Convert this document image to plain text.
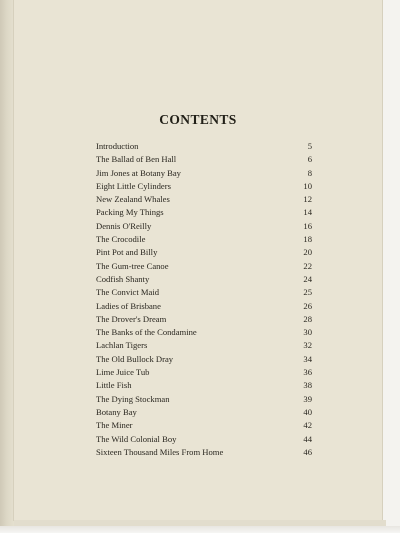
CONTENTS
Introduction	5
The Ballad of Ben Hall	6
Jim Jones at Botany Bay	8
Eight Little Cylinders	10
New Zealand Whales	12
Packing My Things	14
Dennis O'Reilly	16
The Crocodile	18
Pint Pot and Billy	20
The Gum-tree Canoe	22
Codfish Shanty	24
The Convict Maid	25
Ladies of Brisbane	26
The Drover's Dream	28
The Banks of the Condamine	30
Lachlan Tigers	32
The Old Bullock Dray	34
Lime Juice Tub	36
Little Fish	38
The Dying Stockman	39
Botany Bay	40
The Miner	42
The Wild Colonial Boy	44
Sixteen Thousand Miles From Home	46
